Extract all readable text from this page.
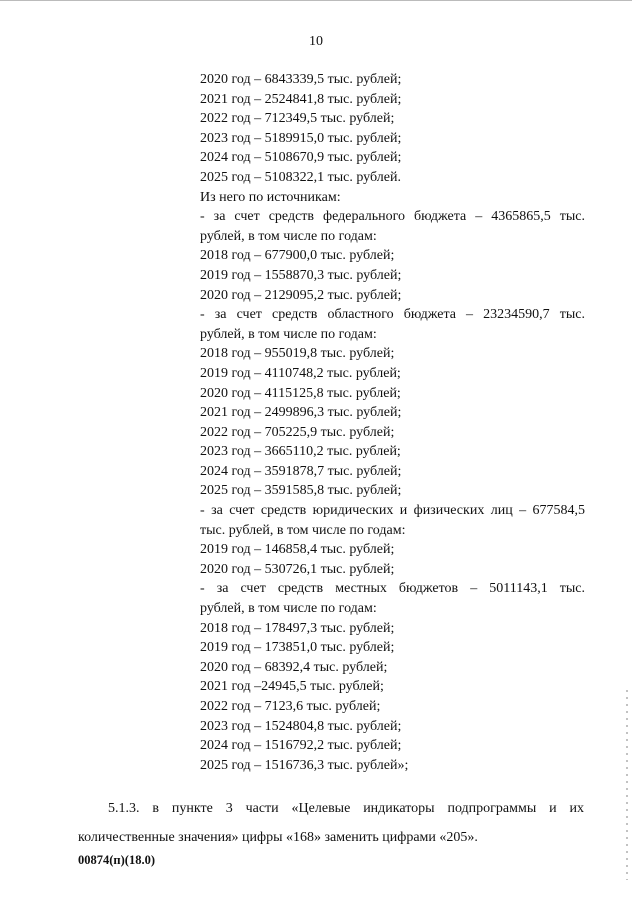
10
2020 год – 6843339,5 тыс. рублей;
2021 год – 2524841,8 тыс. рублей;
2022 год – 712349,5 тыс. рублей;
2023 год – 5189915,0 тыс. рублей;
2024 год – 5108670,9 тыс. рублей;
2025 год – 5108322,1 тыс. рублей.
Из него по источникам:
- за счет средств федерального бюджета – 4365865,5 тыс.
рублей, в том числе по годам:
2018 год – 677900,0 тыс. рублей;
2019 год – 1558870,3 тыс. рублей;
2020 год – 2129095,2 тыс. рублей;
- за счет средств областного бюджета – 23234590,7 тыс.
рублей, в том числе по годам:
2018 год – 955019,8 тыс. рублей;
2019 год – 4110748,2 тыс. рублей;
2020 год – 4115125,8 тыс. рублей;
2021 год – 2499896,3 тыс. рублей;
2022 год – 705225,9 тыс. рублей;
2023 год – 3665110,2 тыс. рублей;
2024 год – 3591878,7 тыс. рублей;
2025 год – 3591585,8 тыс. рублей;
- за счет средств юридических и физических лиц – 677584,5
тыс. рублей, в том числе по годам:
2019 год – 146858,4 тыс. рублей;
2020 год – 530726,1 тыс. рублей;
- за счет средств местных бюджетов – 5011143,1 тыс.
рублей, в том числе по годам:
2018 год – 178497,3 тыс. рублей;
2019 год – 173851,0 тыс. рублей;
2020 год – 68392,4 тыс. рублей;
2021 год –24945,5 тыс. рублей;
2022 год – 7123,6 тыс. рублей;
2023 год – 1524804,8 тыс. рублей;
2024 год – 1516792,2 тыс. рублей;
2025 год – 1516736,3 тыс. рублей»;
5.1.3. в пункте 3 части «Целевые индикаторы подпрограммы и их
количественные значения» цифры «168» заменить цифрами «205».
00874(п)(18.0)
